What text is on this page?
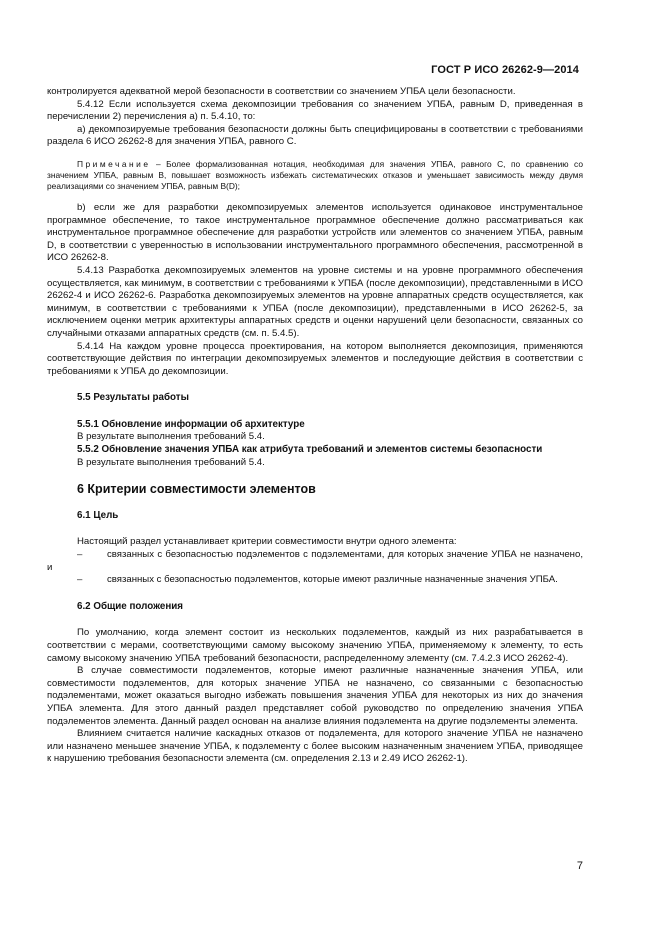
ГОСТ Р ИСО 26262-9—2014

контролируется адекватной мерой безопасности в соответствии со значением УПБА цели безопасности.

5.4.12 Если используется схема декомпозиции требования со значением УПБА, равным D, приведенная в перечислении 2) перечисления а) п. 5.4.10, то:

а) декомпозируемые требования безопасности должны быть специфицированы в соответствии с требованиями раздела 6 ИСО 26262-8 для значения УПБА, равного С.

Примечание – Более формализованная нотация, необходимая для значения УПБА, равного С, по сравнению со значением УПБА, равным В, повышает возможность избежать систематических отказов и уменьшает зависимость между двумя реализациями со значением УПБА, равным В(D);

b) если же для разработки декомпозируемых элементов используется одинаковое инструментальное программное обеспечение, то такое инструментальное программное обеспечение должно рассматриваться как инструментальное программное обеспечение для разработки устройств или элементов со значением УПБА, равным D, в соответствии с уверенностью в использовании инструментального программного обеспечения, рассмотренной в ИСО 26262-8.

5.4.13 Разработка декомпозируемых элементов на уровне системы и на уровне программного обеспечения осуществляется, как минимум, в соответствии с требованиями к УПБА (после декомпозиции), представленными в ИСО 26262-4 и ИСО 26262-6. Разработка декомпозируемых элементов на уровне аппаратных средств осуществляется, как минимум, в соответствии с требованиями к УПБА (после декомпозиции), представленными в ИСО 26262-5, за исключением оценки метрик архитектуры аппаратных средств и оценки нарушений цели безопасности, связанных со случайными отказами аппаратных средств (см. п. 5.4.5).

5.4.14 На каждом уровне процесса проектирования, на котором выполняется декомпозиция, применяются соответствующие действия по интеграции декомпозируемых элементов и последующие действия в соответствии с требованиями к УПБА до декомпозиции.

5.5 Результаты работы

5.5.1 Обновление информации об архитектуре

В результате выполнения требований 5.4.

5.5.2 Обновление значения УПБА как атрибута требований и элементов системы безопасности

В результате выполнения требований 5.4.

6 Критерии совместимости элементов

6.1 Цель

Настоящий раздел устанавливает критерии совместимости внутри одного элемента:

–	связанных с безопасностью подэлементов с подэлементами, для которых значение УПБА не назначено, и

–	связанных с безопасностью подэлементов, которые имеют различные назначенные значения УПБА.

6.2 Общие положения

По умолчанию, когда элемент состоит из нескольких подэлементов, каждый из них разрабатывается в соответствии с мерами, соответствующими самому высокому значению УПБА, применяемому к элементу, то есть самому высокому значению УПБА требований безопасности, распределенному элементу (см. 7.4.2.3 ИСО 26262-4).

В случае совместимости подэлементов, которые имеют различные назначенные значения УПБА, или совместимости подэлементов, для которых значение УПБА не назначено, со связанными с безопасностью подэлементами, может оказаться выгодно избежать повышения значения УПБА для некоторых из них до значения УПБА элемента. Для этого данный раздел представляет собой руководство по определению значения УПБА подэлементов элемента. Данный раздел основан на анализе влияния подэлемента на другие подэлементы элемента.

Влиянием считается наличие каскадных отказов от подэлемента, для которого значение УПБА не назначено или назначено меньшее значение УПБА, к подэлементу с более высоким назначенным значением УПБА, приводящее к нарушению требования безопасности элемента (см. определения 2.13 и 2.49 ИСО 26262-1).

7
